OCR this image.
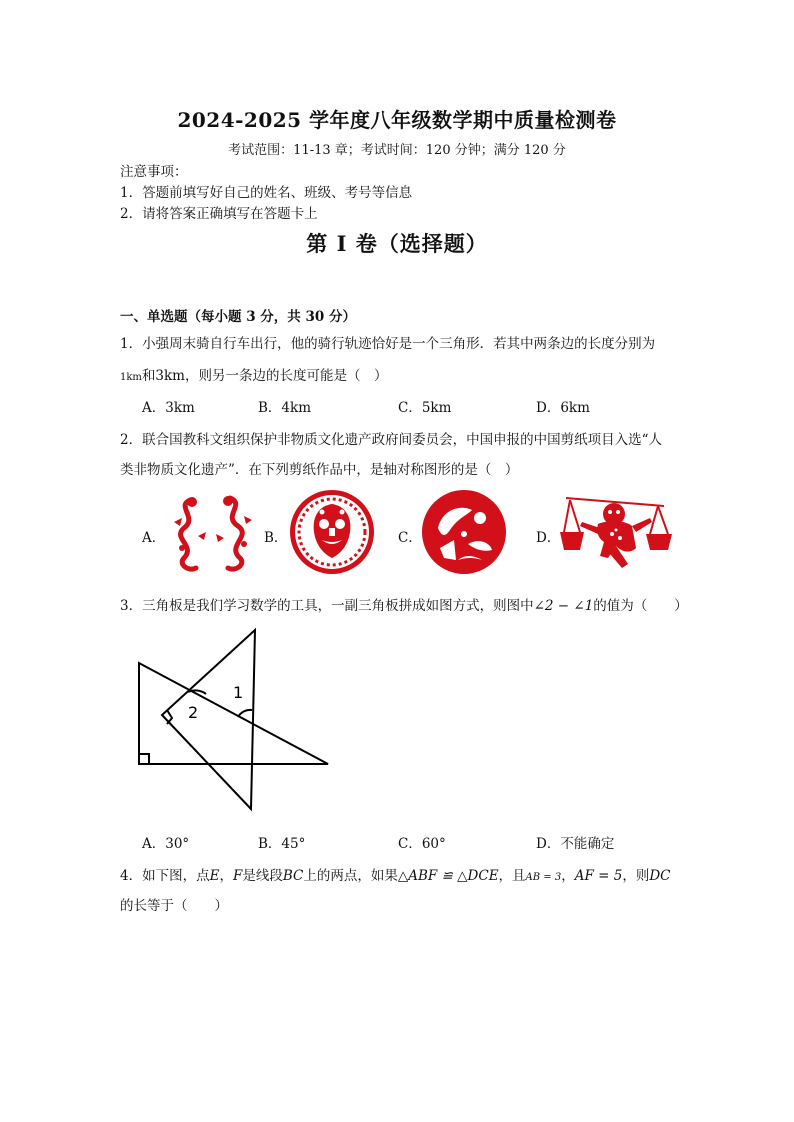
2024-2025 学年度八年级数学期中质量检测卷
考试范围：11-13 章；考试时间：120 分钟；满分 120 分
注意事项：
1．答题前填写好自己的姓名、班级、考号等信息
2．请将答案正确填写在答题卡上
第 I 卷（选择题）
一、单选题（每小题 3 分，共 30 分）
1．小强周末骑自行车出行，他的骑行轨迹恰好是一个三角形．若其中两条边的长度分别为
1km和3km，则另一条边的长度可能是（　）
A．3km	B．4km	C．5km	D．6km
2．联合国教科文组织保护非物质文化遗产政府间委员会，中国申报的中国剪纸项目入选“人
类非物质文化遗产”．在下列剪纸作品中，是轴对称图形的是（　）
A．	B．	C．	D．
3．三角板是我们学习数学的工具，一副三角板拼成如图方式，则图中∠2 − ∠1的值为（　　）
1
2
A．30°	B．45°	C．60°	D．不能确定
4．如下图，点E，F是线段BC上的两点，如果△ABF ≌ △DCE，且AB = 3，AF = 5，则DC
的长等于（　　）
